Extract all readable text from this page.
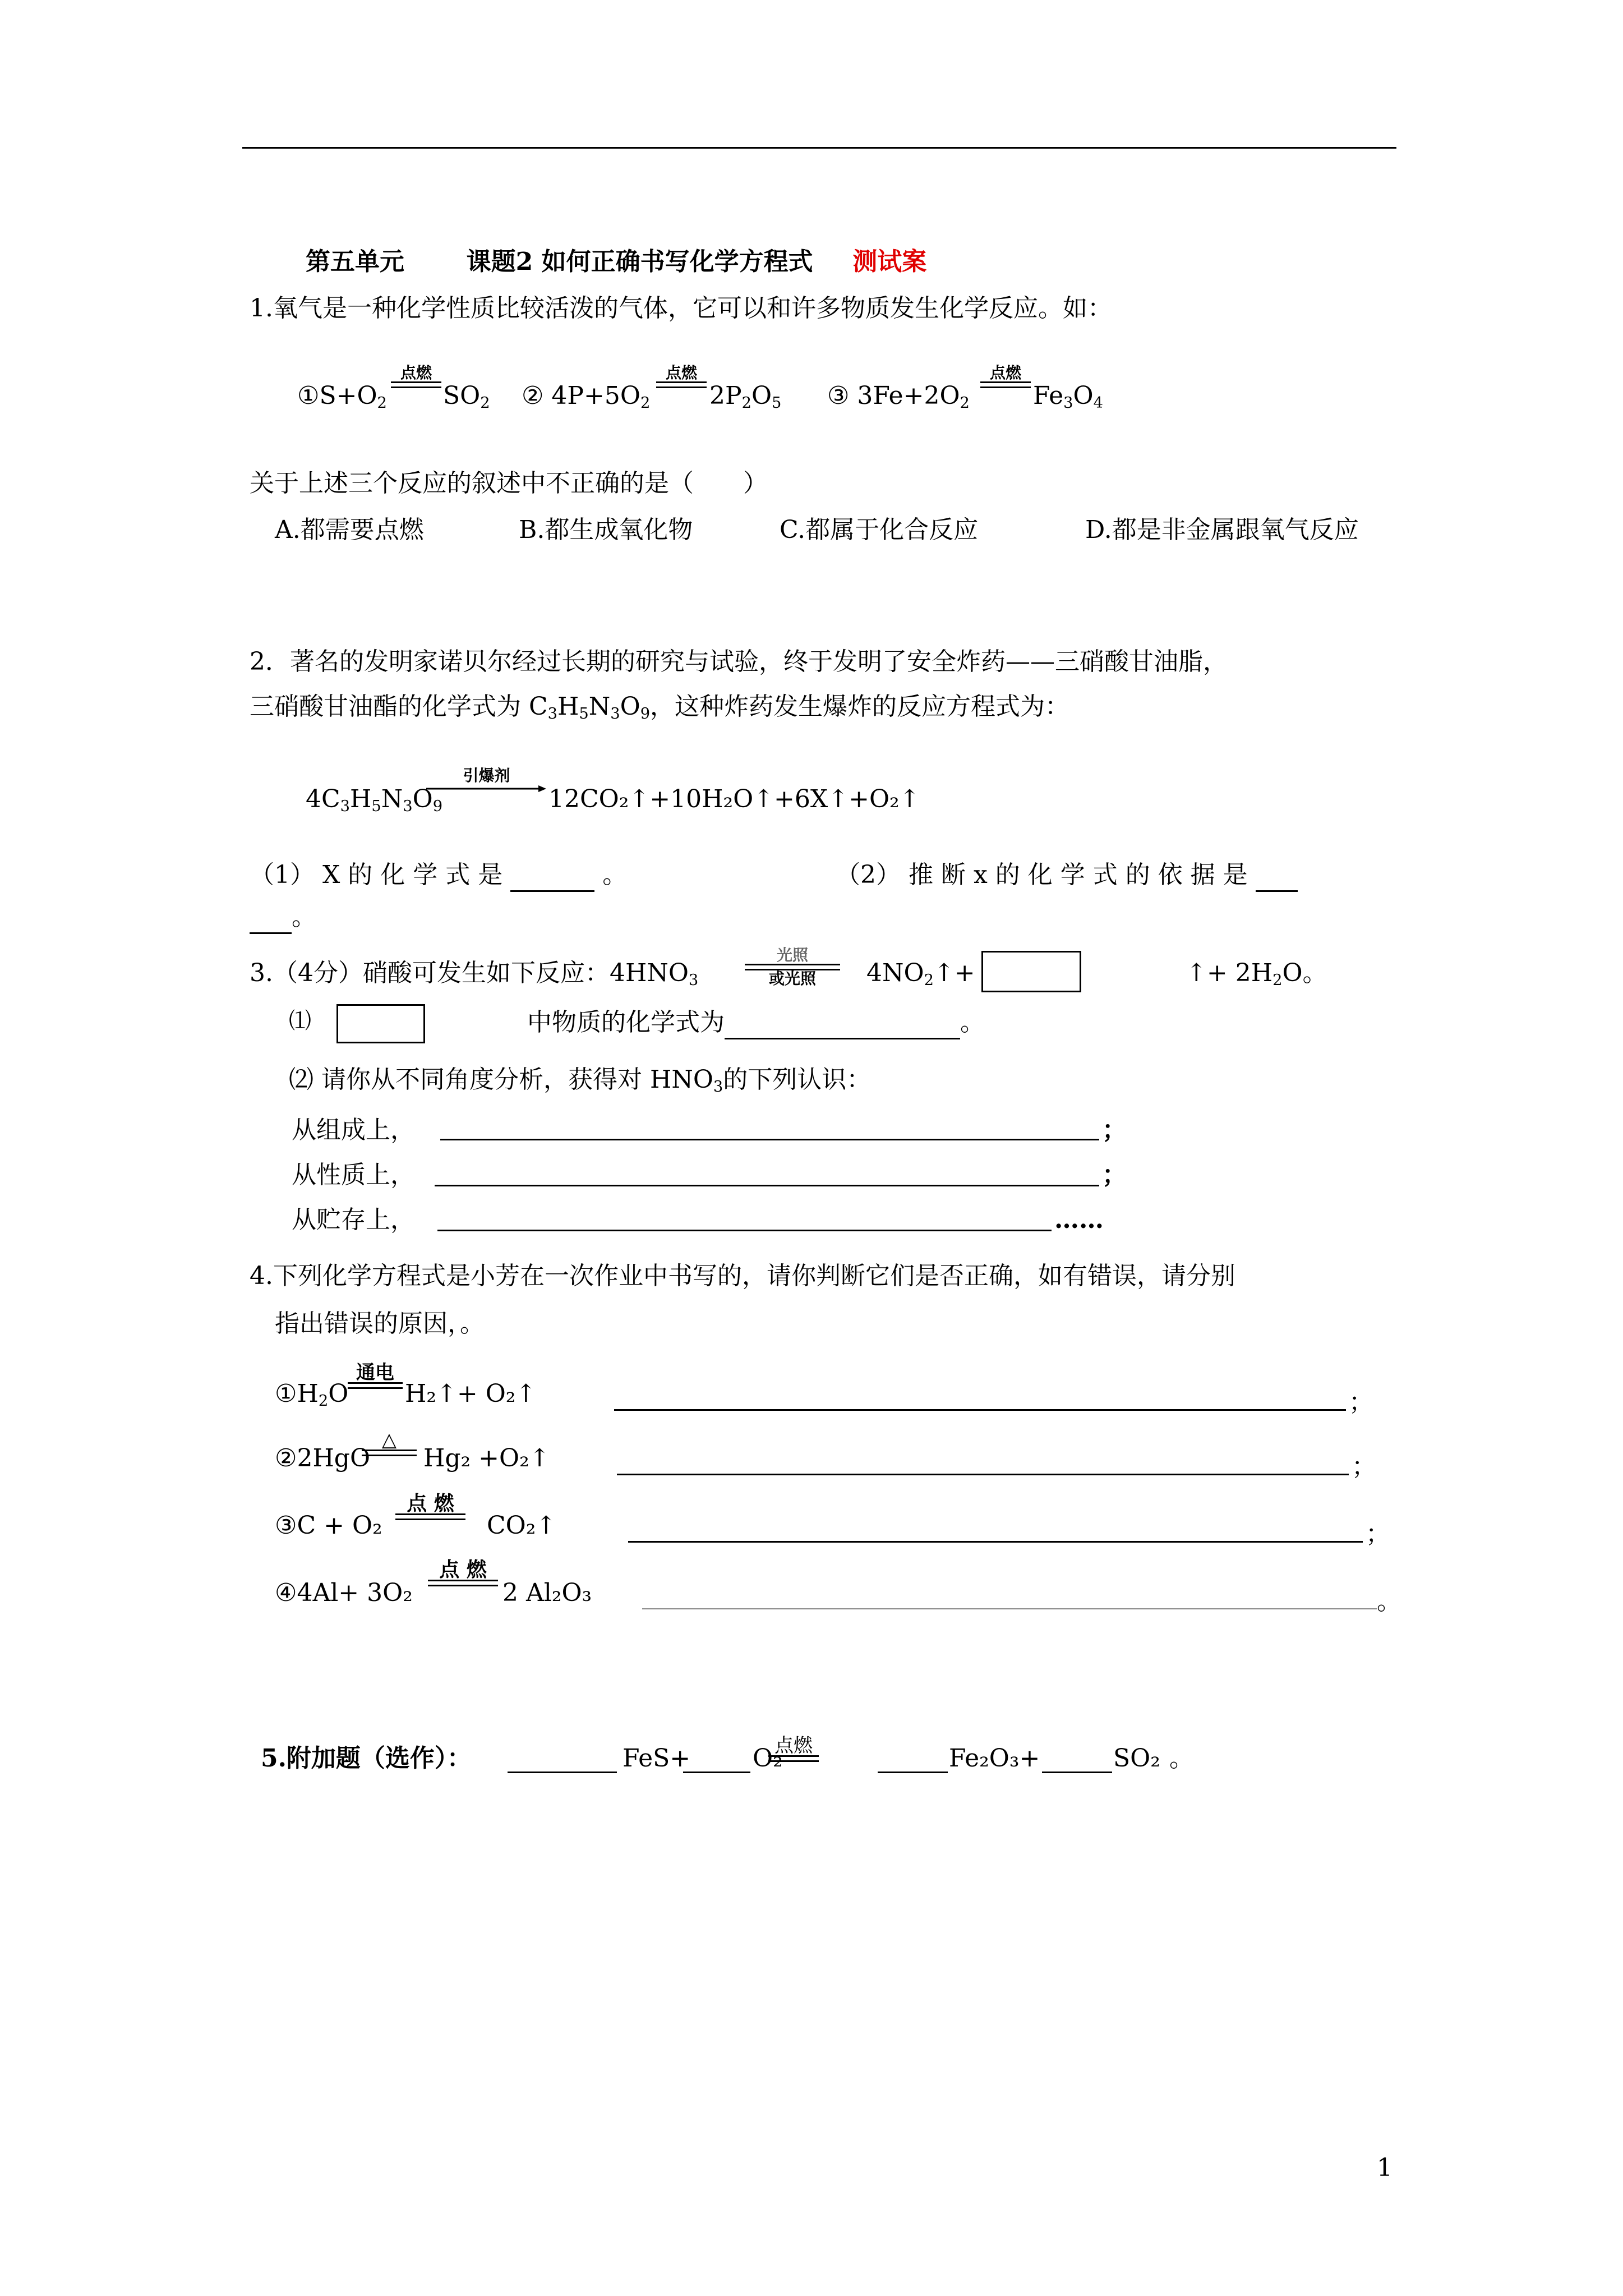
第五单元	课题2 如何正确书写化学方程式 测试案
1.氧气是一种化学性质比较活泼的气体，它可以和许多物质发生化学反应。如：
$①S+O_2$
点燃
$SO_2$ ② $4P+5O_2$
点燃
$2P_2O_5$ ③ $3Fe+2O_2$
点燃
$Fe_3O_4$
关于上述三个反应的叙述中不正确的是（　　）
A.都需要点燃	B.都生成氧化物	C.都属于化合反应	D.都是非金属跟氧气反应
2．著名的发明家诺贝尔经过长期的研究与试验，终于发明了安全炸药——三硝酸甘油脂，
三硝酸甘油酯的化学式为 $C_3H_5N_3O_9$，这种炸药发生爆炸的反应方程式为：
$4C_3H_5N_3O_9$
引爆剂
12CO₂↑+10H₂O↑+6X↑+O₂↑
（1） X 的 化 学 式 是	。	（2） 推 断 x 的 化 学 式 的 依 据 是
。
3.（4分）硝酸可发生如下反应：$4HNO_3$
光照
或光照	$4NO_2↑+$	↑+ $2H_2O$。
⑴	中物质的化学式为	。
⑵ 请你从不同角度分析，获得对 $HNO_3$的下列认识：
从组成上，	；
从性质上，	；
从贮存上，	……
4.下列化学方程式是小芳在一次作业中书写的，请你判断它们是否正确，如有错误，请分别
指出错误的原因，。
$①H_2O$
通电
H₂↑+ O₂↑	；
②2HgO
△
Hg₂ +O₂↑	；
③C + O₂
点 燃
CO₂↑	；
④4Al+ 3O₂
点 燃
2 Al₂O₃	。
5.附加题（选作）：	FeS+	O₂
点燃	Fe₂O₃+	SO₂ 。
1
